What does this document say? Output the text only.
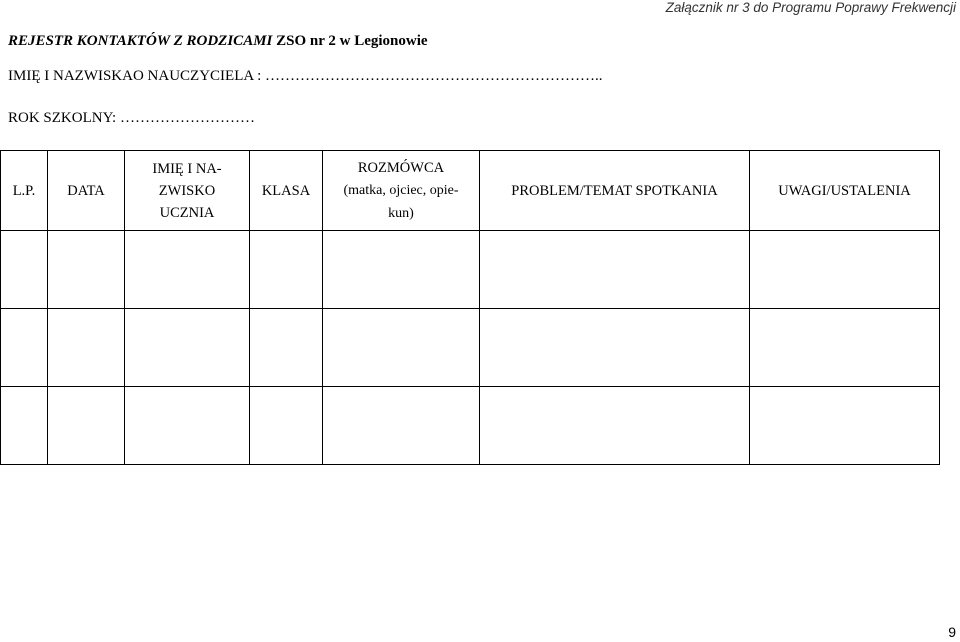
Załącznik nr 3 do Programu Poprawy Frekwencji
REJESTR KONTAKTÓW Z RODZICAMI ZSO nr 2 w Legionowie
IMIĘ I NAZWISKAO NAUCZYCIELA : …………………………………………………………..
ROK SZKOLNY: ………………………
L.P.	DATA	IMIĘ I NA-
ZWISKO
UCZNIA	KLASA	ROZMÓWCA
(matka, ojciec, opie-
kun)	PROBLEM/TEMAT SPOTKANIA	UWAGI/USTALENIA

9
